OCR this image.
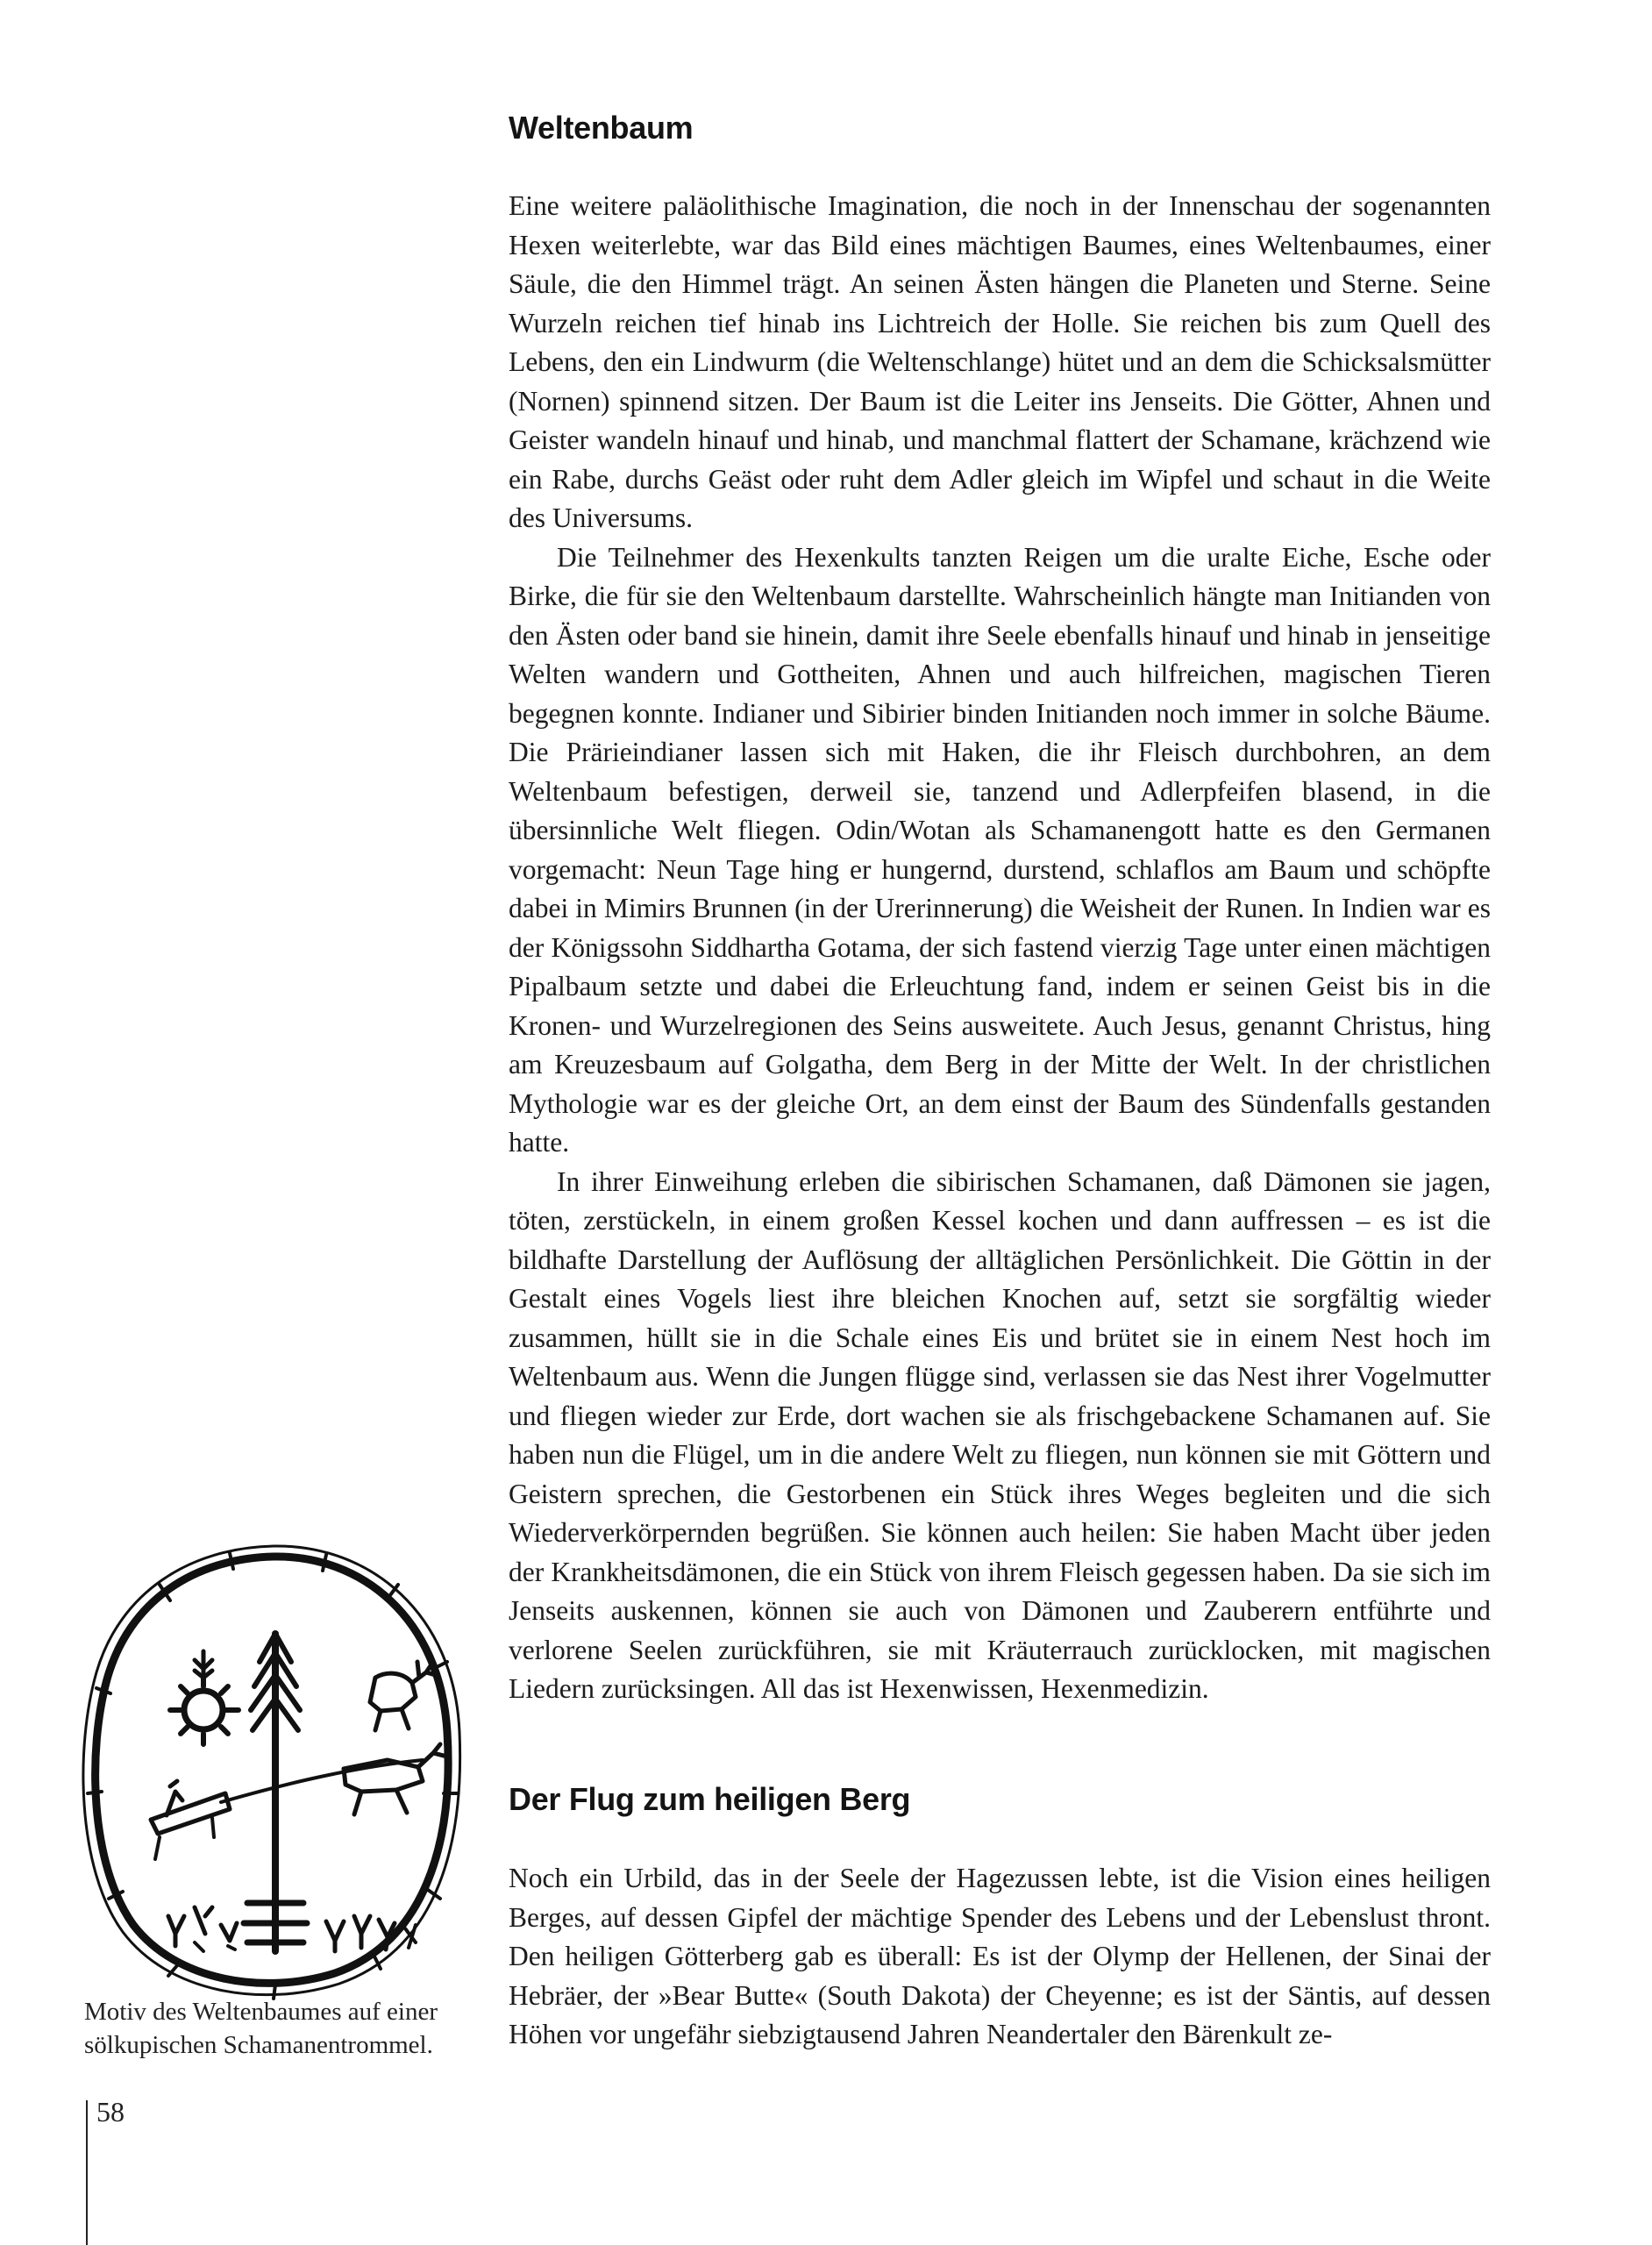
Weltenbaum

Eine weitere paläolithische Imagination, die noch in der Innenschau der sogenannten Hexen weiterlebte, war das Bild eines mächtigen Baumes, eines Weltenbaumes, einer Säule, die den Himmel trägt. An seinen Ästen hängen die Planeten und Sterne. Seine Wurzeln reichen tief hinab ins Lichtreich der Holle. Sie reichen bis zum Quell des Lebens, den ein Lindwurm (die Weltenschlange) hütet und an dem die Schicksalsmütter (Nornen) spinnend sitzen. Der Baum ist die Leiter ins Jenseits. Die Götter, Ahnen und Geister wandeln hinauf und hinab, und manchmal flattert der Schamane, krächzend wie ein Rabe, durchs Geäst oder ruht dem Adler gleich im Wipfel und schaut in die Weite des Universums.

Die Teilnehmer des Hexenkults tanzten Reigen um die uralte Eiche, Esche oder Birke, die für sie den Weltenbaum darstellte. Wahrscheinlich hängte man Initianden von den Ästen oder band sie hinein, damit ihre Seele ebenfalls hinauf und hinab in jenseitige Welten wandern und Gottheiten, Ahnen und auch hilfreichen, magischen Tieren begegnen konnte. Indianer und Sibirier binden Initianden noch immer in solche Bäume. Die Prärieindianer lassen sich mit Haken, die ihr Fleisch durchbohren, an dem Weltenbaum befestigen, derweil sie, tanzend und Adlerpfeifen blasend, in die übersinnliche Welt fliegen. Odin/Wotan als Schamanengott hatte es den Germanen vorgemacht: Neun Tage hing er hungernd, durstend, schlaflos am Baum und schöpfte dabei in Mimirs Brunnen (in der Urerinnerung) die Weisheit der Runen. In Indien war es der Königssohn Siddhartha Gotama, der sich fastend vierzig Tage unter einen mächtigen Pipalbaum setzte und dabei die Erleuchtung fand, indem er seinen Geist bis in die Kronen- und Wurzelregionen des Seins ausweitete. Auch Jesus, genannt Christus, hing am Kreuzesbaum auf Golgatha, dem Berg in der Mitte der Welt. In der christlichen Mythologie war es der gleiche Ort, an dem einst der Baum des Sündenfalls gestanden hatte.

In ihrer Einweihung erleben die sibirischen Schamanen, daß Dämonen sie jagen, töten, zerstückeln, in einem großen Kessel kochen und dann auffressen – es ist die bildhafte Darstellung der Auflösung der alltäglichen Persönlichkeit. Die Göttin in der Gestalt eines Vogels liest ihre bleichen Knochen auf, setzt sie sorgfältig wieder zusammen, hüllt sie in die Schale eines Eis und brütet sie in einem Nest hoch im Weltenbaum aus. Wenn die Jungen flügge sind, verlassen sie das Nest ihrer Vogelmutter und fliegen wieder zur Erde, dort wachen sie als frischgebackene Schamanen auf. Sie haben nun die Flügel, um in die andere Welt zu fliegen, nun können sie mit Göttern und Geistern sprechen, die Gestorbenen ein Stück ihres Weges begleiten und die sich Wiederverkörpernden begrüßen. Sie können auch heilen: Sie haben Macht über jeden der Krankheitsdämonen, die ein Stück von ihrem Fleisch gegessen haben. Da sie sich im Jenseits auskennen, können sie auch von Dämonen und Zauberern entführte und verlorene Seelen zurückführen, sie mit Kräuterrauch zurücklocken, mit magischen Liedern zurücksingen. All das ist Hexenwissen, Hexenmedizin.

Der Flug zum heiligen Berg

Noch ein Urbild, das in der Seele der Hagezussen lebte, ist die Vision eines heiligen Berges, auf dessen Gipfel der mächtige Spender des Lebens und der Lebenslust thront. Den heiligen Götterberg gab es überall: Es ist der Olymp der Hellenen, der Sinai der Hebräer, der »Bear Butte« (South Dakota) der Cheyenne; es ist der Säntis, auf dessen Höhen vor ungefähr siebzigtausend Jahren Neandertaler den Bärenkult ze-

Motiv des Weltenbaumes auf einer
sölkupischen Schamanentrommel.
58
